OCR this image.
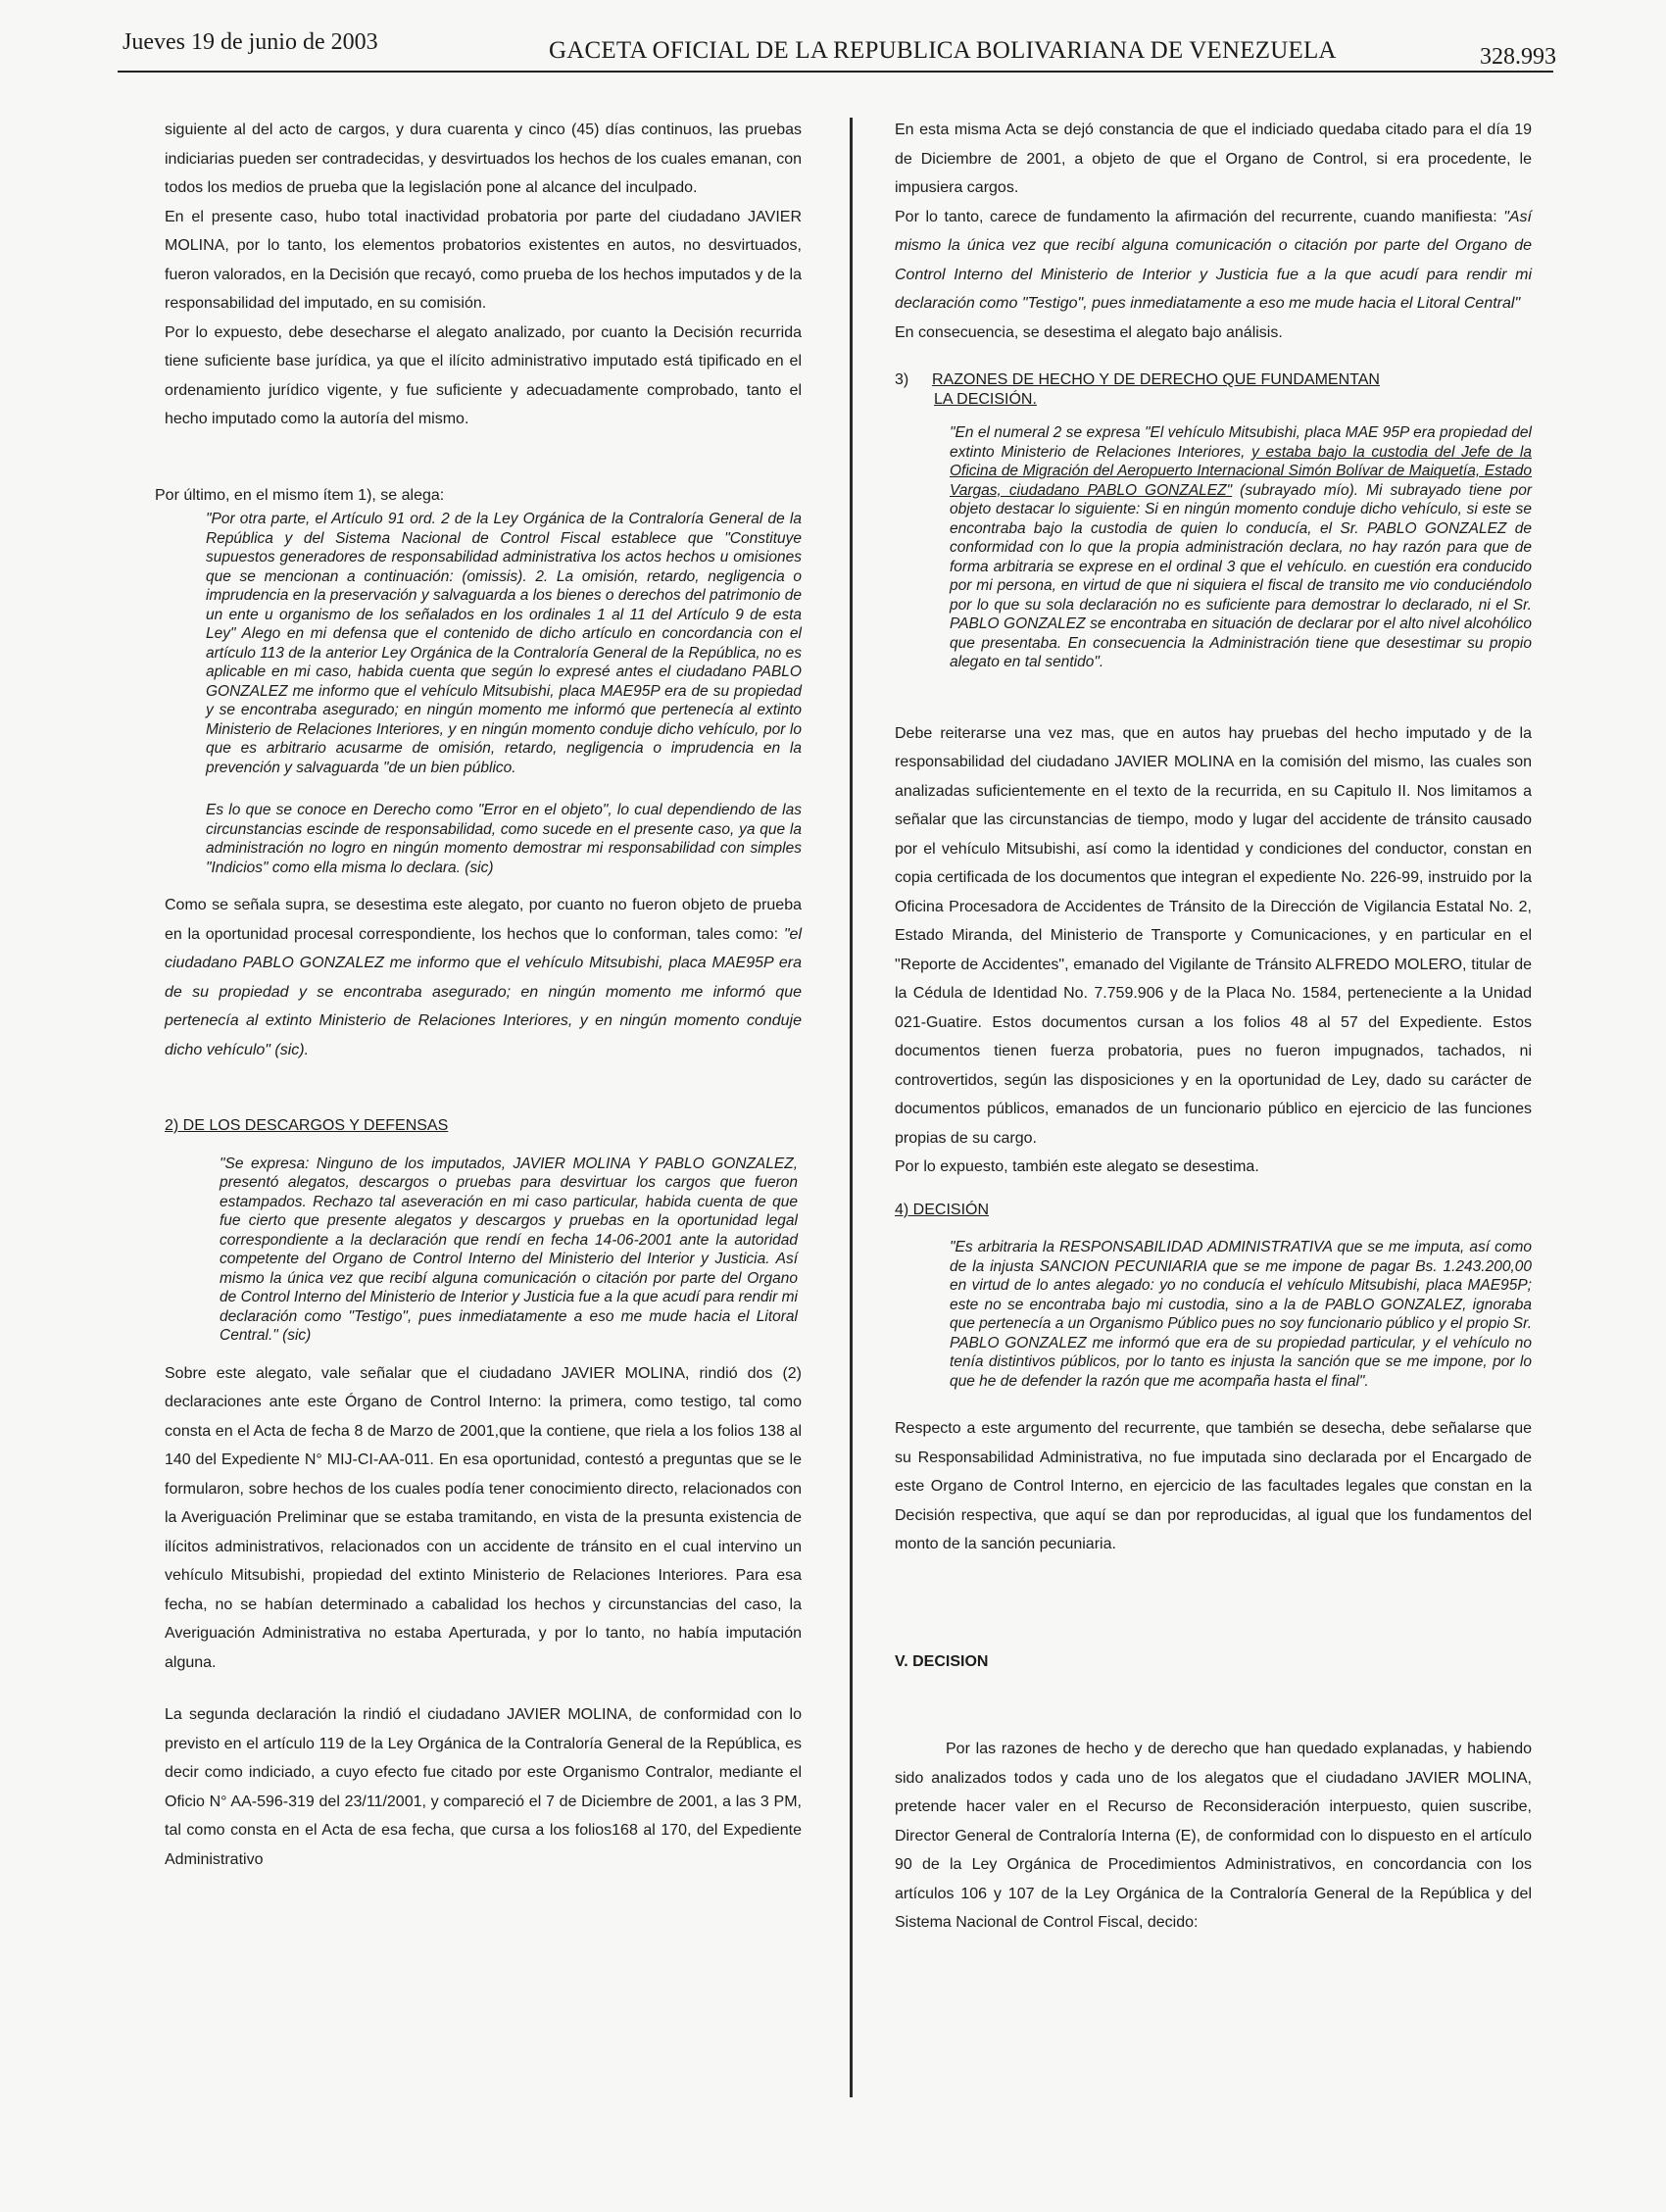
Jueves 19 de junio de 2003	GACETA OFICIAL DE LA REPUBLICA BOLIVARIANA DE VENEZUELA	328.993

siguiente al del acto de cargos, y dura cuarenta y cinco (45) días continuos, las pruebas indiciarias pueden ser contradecidas, y desvirtuados los hechos de los cuales emanan, con todos los medios de prueba que la legislación pone al alcance del inculpado.

En el presente caso, hubo total inactividad probatoria por parte del ciudadano JAVIER MOLINA, por lo tanto, los elementos probatorios existentes en autos, no desvirtuados, fueron valorados, en la Decisión que recayó, como prueba de los hechos imputados y de la responsabilidad del imputado, en su comisión.

Por lo expuesto, debe desecharse el alegato analizado, por cuanto la Decisión recurrida tiene suficiente base jurídica, ya que el ilícito administrativo imputado está tipificado en el ordenamiento jurídico vigente, y fue suficiente y adecuadamente comprobado, tanto el hecho imputado como la autoría del mismo.

Por último, en el mismo ítem 1), se alega:

"Por otra parte, el Artículo 91 ord. 2 de la Ley Orgánica de la Contraloría General de la República y del Sistema Nacional de Control Fiscal establece que "Constituye supuestos generadores de responsabilidad administrativa los actos hechos u omisiones que se mencionan a continuación: (omissis). 2. La omisión, retardo, negligencia o imprudencia en la preservación y salvaguarda a los bienes o derechos del patrimonio de un ente u organismo de los señalados en los ordinales 1 al 11 del Artículo 9 de esta Ley" Alego en mi defensa que el contenido de dicho artículo en concordancia con el artículo 113 de la anterior Ley Orgánica de la Contraloría General de la República, no es aplicable en mi caso, habida cuenta que según lo expresé antes el ciudadano PABLO GONZALEZ me informo que el vehículo Mitsubishi, placa MAE95P era de su propiedad y se encontraba asegurado; en ningún momento me informó que pertenecía al extinto Ministerio de Relaciones Interiores, y en ningún momento conduje dicho vehículo, por lo que es arbitrario acusarme de omisión, retardo, negligencia o imprudencia en la prevención y salvaguarda "de un bien público.

Es lo que se conoce en Derecho como "Error en el objeto", lo cual dependiendo de las circunstancias escinde de responsabilidad, como sucede en el presente caso, ya que la administración no logro en ningún momento demostrar mi responsabilidad con simples "Indicios" como ella misma lo declara. (sic)

Como se señala supra, se desestima este alegato, por cuanto no fueron objeto de prueba en la oportunidad procesal correspondiente, los hechos que lo conforman, tales como: "el ciudadano PABLO GONZALEZ me informo que el vehículo Mitsubishi, placa MAE95P era de su propiedad y se encontraba asegurado; en ningún momento me informó que pertenecía al extinto Ministerio de Relaciones Interiores, y en ningún momento conduje dicho vehículo" (sic).

2) DE LOS DESCARGOS Y DEFENSAS

"Se expresa: Ninguno de los imputados, JAVIER MOLINA Y PABLO GONZALEZ, presentó alegatos, descargos o pruebas para desvirtuar los cargos que fueron estampados. Rechazo tal aseveración en mi caso particular, habida cuenta de que fue cierto que presente alegatos y descargos y pruebas en la oportunidad legal correspondiente a la declaración que rendí en fecha 14-06-2001 ante la autoridad competente del Organo de Control Interno del Ministerio del Interior y Justicia. Así mismo la única vez que recibí alguna comunicación o citación por parte del Organo de Control Interno del Ministerio de Interior y Justicia fue a la que acudí para rendir mi declaración como "Testigo", pues inmediatamente a eso me mude hacia el Litoral Central." (sic)

Sobre este alegato, vale señalar que el ciudadano JAVIER MOLINA, rindió dos (2) declaraciones ante este Órgano de Control Interno: la primera, como testigo, tal como consta en el Acta de fecha 8 de Marzo de 2001,que la contiene, que riela a los folios 138 al 140 del Expediente N° MIJ-CI-AA-011. En esa oportunidad, contestó a preguntas que se le formularon, sobre hechos de los cuales podía tener conocimiento directo, relacionados con la Averiguación Preliminar que se estaba tramitando, en vista de la presunta existencia de ilícitos administrativos, relacionados con un accidente de tránsito en el cual intervino un vehículo Mitsubishi, propiedad del extinto Ministerio de Relaciones Interiores. Para esa fecha, no se habían determinado a cabalidad los hechos y circunstancias del caso, la Averiguación Administrativa no estaba Aperturada, y por lo tanto, no había imputación alguna.

La segunda declaración la rindió el ciudadano JAVIER MOLINA, de conformidad con lo previsto en el artículo 119 de la Ley Orgánica de la Contraloría General de la República, es decir como indiciado, a cuyo efecto fue citado por este Organismo Contralor, mediante el Oficio N° AA-596-319 del 23/11/2001, y compareció el 7 de Diciembre de 2001, a las 3 PM, tal como consta en el Acta de esa fecha, que cursa a los folios168 al 170, del Expediente Administrativo

En esta misma Acta se dejó constancia de que el indiciado quedaba citado para el día 19 de Diciembre de 2001, a objeto de que el Organo de Control, si era procedente, le impusiera cargos.

Por lo tanto, carece de fundamento la afirmación del recurrente, cuando manifiesta: "Así mismo la única vez que recibí alguna comunicación o citación por parte del Organo de Control Interno del Ministerio de Interior y Justicia fue a la que acudí para rendir mi declaración como "Testigo", pues inmediatamente a eso me mude hacia el Litoral Central"

En consecuencia, se desestima el alegato bajo análisis.

3) RAZONES DE HECHO Y DE DERECHO QUE FUNDAMENTAN
LA DECISIÓN.

"En el numeral 2 se expresa "El vehículo Mitsubishi, placa MAE 95P era propiedad del extinto Ministerio de Relaciones Interiores, y estaba bajo la custodia del Jefe de la Oficina de Migración del Aeropuerto Internacional Simón Bolívar de Maiquetía, Estado Vargas, ciudadano PABLO GONZALEZ" (subrayado mío). Mi subrayado tiene por objeto destacar lo siguiente: Si en ningún momento conduje dicho vehículo, si este se encontraba bajo la custodia de quien lo conducía, el Sr. PABLO GONZALEZ de conformidad con lo que la propia administración declara, no hay razón para que de forma arbitraria se exprese en el ordinal 3 que el vehículo. en cuestión era conducido por mi persona, en virtud de que ni siquiera el fiscal de transito me vio conduciéndolo por lo que su sola declaración no es suficiente para demostrar lo declarado, ni el Sr. PABLO GONZALEZ se encontraba en situación de declarar por el alto nivel alcohólico que presentaba. En consecuencia la Administración tiene que desestimar su propio alegato en tal sentido".

Debe reiterarse una vez mas, que en autos hay pruebas del hecho imputado y de la responsabilidad del ciudadano JAVIER MOLINA en la comisión del mismo, las cuales son analizadas suficientemente en el texto de la recurrida, en su Capitulo II. Nos limitamos a señalar que las circunstancias de tiempo, modo y lugar del accidente de tránsito causado por el vehículo Mitsubishi, así como la identidad y condiciones del conductor, constan en copia certificada de los documentos que integran el expediente No. 226-99, instruido por la Oficina Procesadora de Accidentes de Tránsito de la Dirección de Vigilancia Estatal No. 2, Estado Miranda, del Ministerio de Transporte y Comunicaciones, y en particular en el "Reporte de Accidentes", emanado del Vigilante de Tránsito ALFREDO MOLERO, titular de la Cédula de Identidad No. 7.759.906 y de la Placa No. 1584, perteneciente a la Unidad 021-Guatire. Estos documentos cursan a los folios 48 al 57 del Expediente. Estos documentos tienen fuerza probatoria, pues no fueron impugnados, tachados, ni controvertidos, según las disposiciones y en la oportunidad de Ley, dado su carácter de documentos públicos, emanados de un funcionario público en ejercicio de las funciones propias de su cargo.

Por lo expuesto, también este alegato se desestima.

4) DECISIÓN

"Es arbitraria la RESPONSABILIDAD ADMINISTRATIVA que se me imputa, así como de la injusta SANCION PECUNIARIA que se me impone de pagar Bs. 1.243.200,00 en virtud de lo antes alegado: yo no conducía el vehículo Mitsubishi, placa MAE95P; este no se encontraba bajo mi custodia, sino a la de PABLO GONZALEZ, ignoraba que pertenecía a un Organismo Público pues no soy funcionario público y el propio Sr. PABLO GONZALEZ me informó que era de su propiedad particular, y el vehículo no tenía distintivos públicos, por lo tanto es injusta la sanción que se me impone, por lo que he de defender la razón que me acompaña hasta el final".

Respecto a este argumento del recurrente, que también se desecha, debe señalarse que su Responsabilidad Administrativa, no fue imputada sino declarada por el Encargado de este Organo de Control Interno, en ejercicio de las facultades legales que constan en la Decisión respectiva, que aquí se dan por reproducidas, al igual que los fundamentos del monto de la sanción pecuniaria.

V. DECISION

Por las razones de hecho y de derecho que han quedado explanadas, y habiendo sido analizados todos y cada uno de los alegatos que el ciudadano JAVIER MOLINA, pretende hacer valer en el Recurso de Reconsideración interpuesto, quien suscribe, Director General de Contraloría Interna (E), de conformidad con lo dispuesto en el artículo 90 de la Ley Orgánica de Procedimientos Administrativos, en concordancia con los artículos 106 y 107 de la Ley Orgánica de la Contraloría General de la República y del Sistema Nacional de Control Fiscal, decido:
